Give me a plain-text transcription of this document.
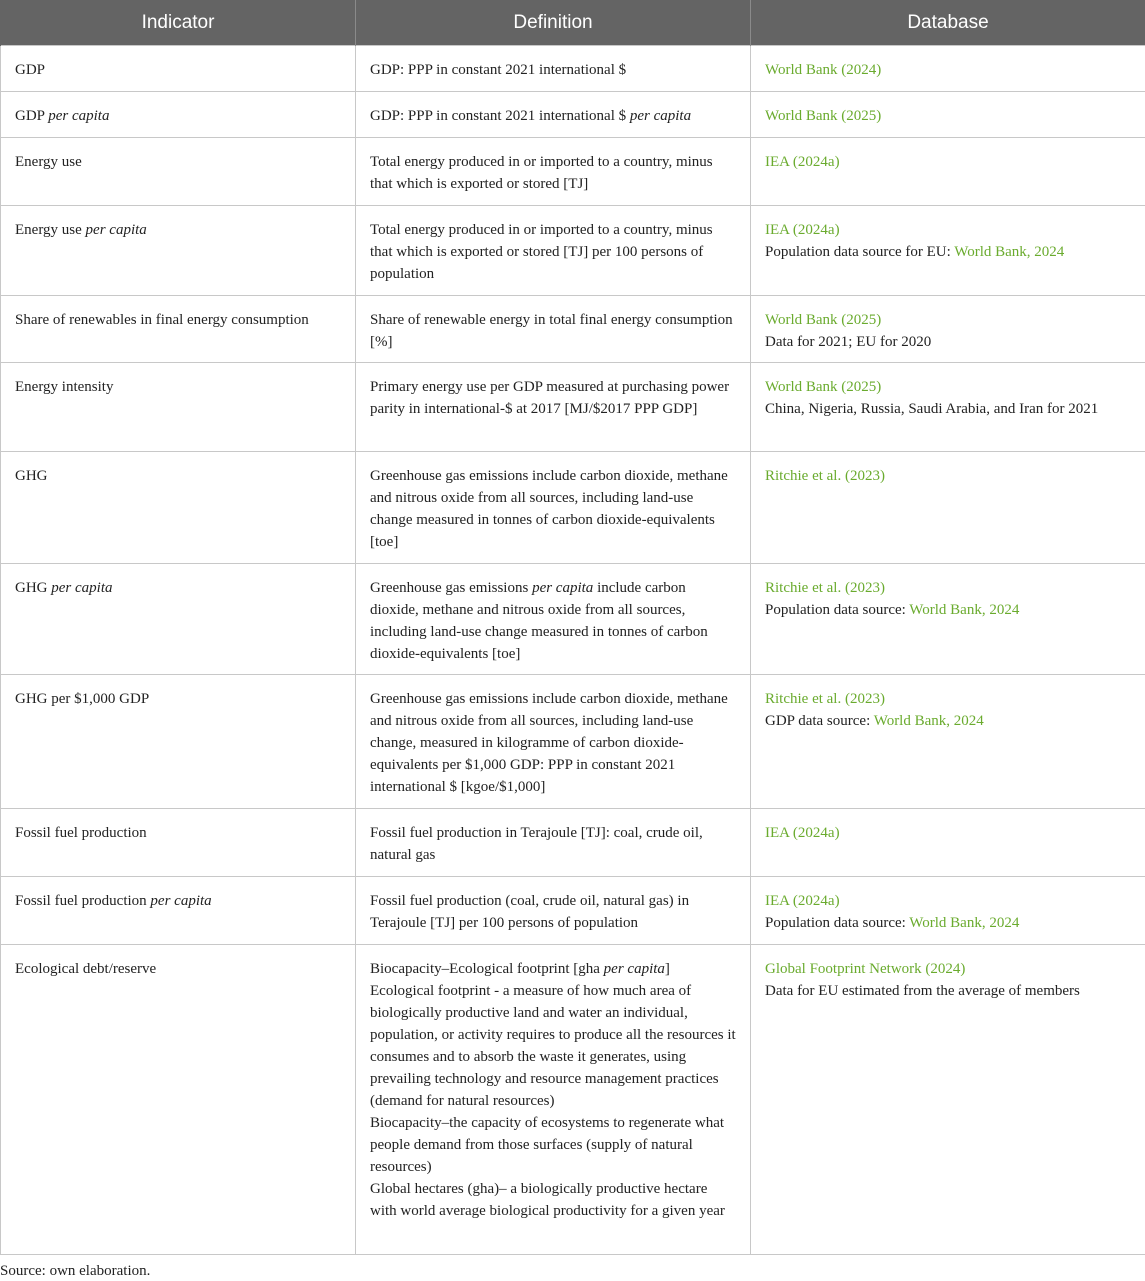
Indicator	Definition	Database
GDP	GDP: PPP in constant 2021 international $	World Bank (2024)

GDP per capita	GDP: PPP in constant 2021 international $ per capita	World Bank (2025)

Energy use	Total energy produced in or imported to a country, minus that which is exported or stored [TJ]	IEA (2024a)

Energy use per capita	Total energy produced in or imported to a country, minus that which is exported or stored [TJ] per 100 persons of population	IEA (2024a)
Population data source for EU: World Bank, 2024

Share of renewables in final energy consumption	Share of renewable energy in total final energy consumption [%]	World Bank (2025)
Data for 2021; EU for 2020

Energy intensity	Primary energy use per GDP measured at purchasing power parity in international-$ at 2017 [MJ/$2017 PPP GDP]	World Bank (2025)
China, Nigeria, Russia, Saudi Arabia, and Iran for 2021

GHG	Greenhouse gas emissions include carbon dioxide, methane and nitrous oxide from all sources, including land-use change measured in tonnes of carbon dioxide-equivalents [toe]	Ritchie et al. (2023)

GHG per capita	Greenhouse gas emissions per capita include carbon dioxide, methane and nitrous oxide from all sources, including land-use change measured in tonnes of carbon dioxide-equivalents [toe]	Ritchie et al. (2023)
Population data source: World Bank, 2024

GHG per $1,000 GDP	Greenhouse gas emissions include carbon dioxide, methane and nitrous oxide from all sources, including land-use change, measured in kilogramme of carbon dioxide-equivalents per $1,000 GDP: PPP in constant 2021 international $ [kgoe/$1,000]	Ritchie et al. (2023)
GDP data source: World Bank, 2024

Fossil fuel production	Fossil fuel production in Terajoule [TJ]: coal, crude oil, natural gas	IEA (2024a)

Fossil fuel production per capita	Fossil fuel production (coal, crude oil, natural gas) in Terajoule [TJ] per 100 persons of population	IEA (2024a)
Population data source: World Bank, 2024

Ecological debt/reserve	Biocapacity–Ecological footprint [gha per capita]
Ecological footprint - a measure of how much area of biologically productive land and water an individual, population, or activity requires to produce all the resources it consumes and to absorb the waste it generates, using prevailing technology and resource management practices (demand for natural resources)
Biocapacity–the capacity of ecosystems to regenerate what people demand from those surfaces (supply of natural resources)
Global hectares (gha)– a biologically productive hectare with world average biological productivity for a given year	Global Footprint Network (2024)
Data for EU estimated from the average of members
Source: own elaboration.
